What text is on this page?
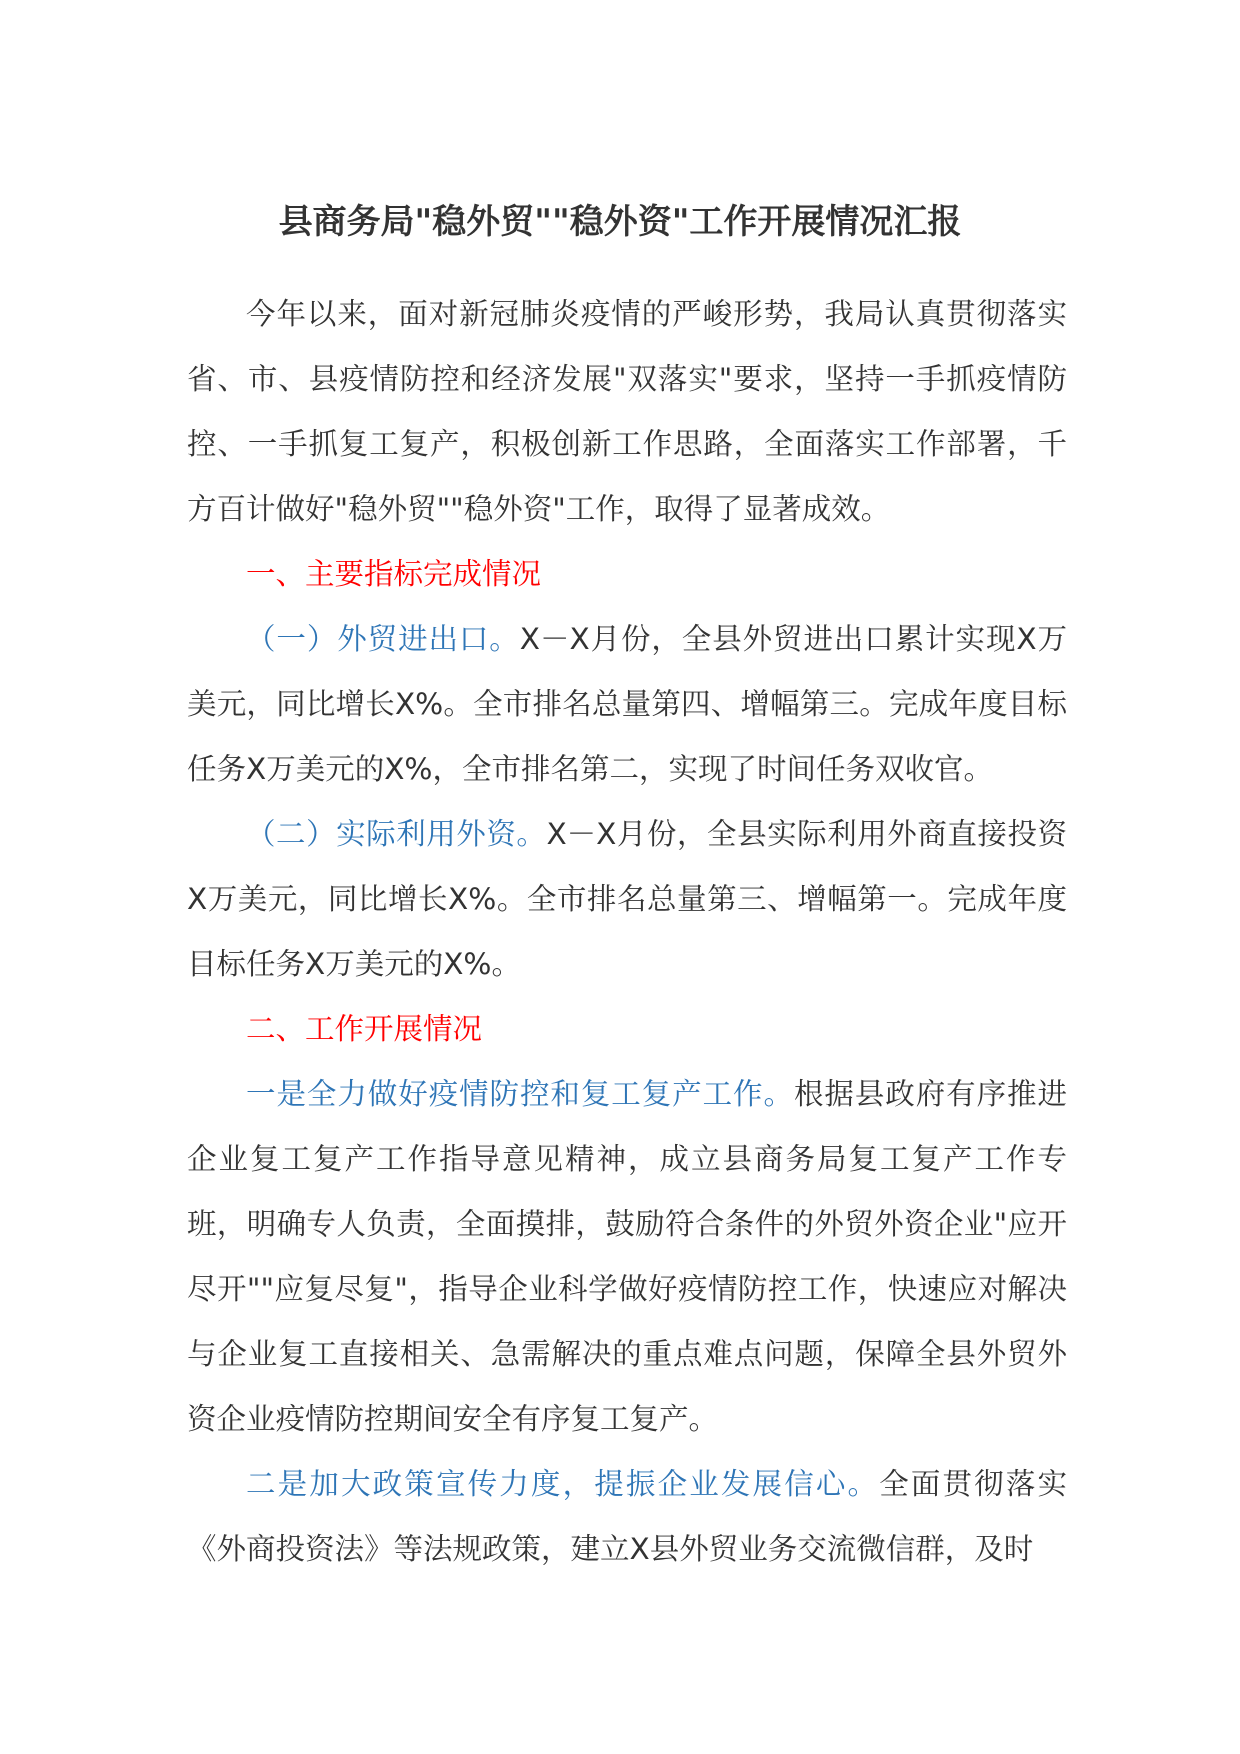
县商务局"稳外贸""稳外资"工作开展情况汇报

今年以来，面对新冠肺炎疫情的严峻形势，我局认真贯彻落实省、市、县疫情防控和经济发展"双落实"要求，坚持一手抓疫情防控、一手抓复工复产，积极创新工作思路，全面落实工作部署，千方百计做好"稳外贸""稳外资"工作，取得了显著成效。

一、主要指标完成情况

（一）外贸进出口。X－X月份，全县外贸进出口累计实现X万美元，同比增长X%。全市排名总量第四、增幅第三。完成年度目标任务X万美元的X%，全市排名第二，实现了时间任务双收官。

（二）实际利用外资。X－X月份，全县实际利用外商直接投资X万美元，同比增长X%。全市排名总量第三、增幅第一。完成年度目标任务X万美元的X%。

二、工作开展情况

一是全力做好疫情防控和复工复产工作。根据县政府有序推进企业复工复产工作指导意见精神，成立县商务局复工复产工作专班，明确专人负责，全面摸排，鼓励符合条件的外贸外资企业"应开尽开""应复尽复"，指导企业科学做好疫情防控工作，快速应对解决与企业复工直接相关、急需解决的重点难点问题，保障全县外贸外资企业疫情防控期间安全有序复工复产。

二是加大政策宣传力度，提振企业发展信心。全面贯彻落实《外商投资法》等法规政策，建立X县外贸业务交流微信群，及时
